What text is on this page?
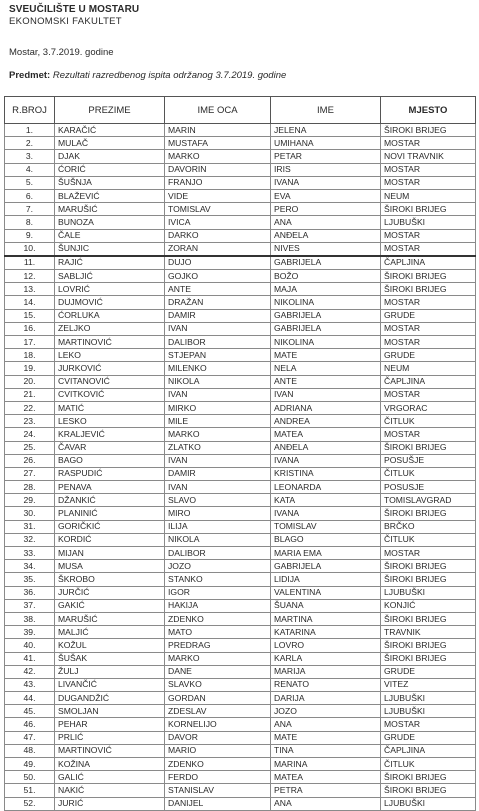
SVEUČILIŠTE U MOSTARU
EKONOMSKI FAKULTET
Mostar, 3.7.2019. godine
Predmet: Rezultati razredbenog ispita održanog 3.7.2019. godine
R.BROJ	PREZIME	IME OCA	IME	MJESTO
1.	KARAČIĆ	MARIN	JELENA	ŠIROKI BRIJEG
2.	MULAČ	MUSTAFA	UMIHANA	MOSTAR
3.	DJAK	MARKO	PETAR	NOVI TRAVNIK
4.	ĆORIĆ	DAVORIN	IRIS	MOSTAR
5.	ŠUŠNJA	FRANJO	IVANA	MOSTAR
6.	BLAŽEVIĆ	VIDE	EVA	NEUM
7.	MARUŠIĆ	TOMISLAV	PERO	ŠIROKI BRIJEG
8.	BUNOZA	IVICA	ANA	LJUBUŠKI
9.	ČALE	DARKO	ANĐELA	MOSTAR
10.	ŠUNJIC	ZORAN	NIVES	MOSTAR
11.	RAJIĆ	DUJO	GABRIJELA	ČAPLJINA
12.	SABLJIĆ	GOJKO	BOŽO	ŠIROKI BRIJEG
13.	LOVRIĆ	ANTE	MAJA	ŠIROKI BRIJEG
14.	DUJMOVIĆ	DRAŽAN	NIKOLINA	MOSTAR
15.	ĆORLUKA	DAMIR	GABRIJELA	GRUDE
16.	ZELJKO	IVAN	GABRIJELA	MOSTAR
17.	MARTINOVIĆ	DALIBOR	NIKOLINA	MOSTAR
18.	LEKO	STJEPAN	MATE	GRUDE
19.	JURKOVIĆ	MILENKO	NELA	NEUM
20.	CVITANOVIĆ	NIKOLA	ANTE	ČAPLJINA
21.	CVITKOVIĆ	IVAN	IVAN	MOSTAR
22.	MATIĆ	MIRKO	ADRIANA	VRGORAC
23.	LESKO	MILE	ANDREA	ČITLUK
24.	KRALJEVIĆ	MARKO	MATEA	MOSTAR
25.	ČAVAR	ZLATKO	ANĐELA	ŠIROKI BRIJEG
26.	BAGO	IVAN	IVANA	POSUŠJE
27.	RASPUDIĆ	DAMIR	KRISTINA	ČITLUK
28.	PENAVA	IVAN	LEONARDA	POSUSJE
29.	DŽANKIĆ	SLAVO	KATA	TOMISLAVGRAD
30.	PLANINIĆ	MIRO	IVANA	ŠIROKI BRIJEG
31.	GORIČKIĆ	ILIJA	TOMISLAV	BRČKO
32.	KORDIĆ	NIKOLA	BLAGO	ČITLUK
33.	MIJAN	DALIBOR	MARIA EMA	MOSTAR
34.	MUSA	JOZO	GABRIJELA	ŠIROKI BRIJEG
35.	ŠKROBO	STANKO	LIDIJA	ŠIROKI BRIJEG
36.	JURČIĆ	IGOR	VALENTINA	LJUBUŠKI
37.	GAKIĆ	HAKIJA	ŠUANA	KONJIĆ
38.	MARUŠIĆ	ZDENKO	MARTINA	ŠIROKI BRIJEG
39.	MALJIĆ	MATO	KATARINA	TRAVNIK
40.	KOŽUL	PREDRAG	LOVRO	ŠIROKI BRIJEG
41.	ŠUŠAK	MARKO	KARLA	ŠIROKI BRIJEG
42.	ŽULJ	DANE	MARIJA	GRUDE
43.	LIVANČIĆ	SLAVKO	RENATO	VITEZ
44.	DUGANDŽIĆ	GORDAN	DARIJA	LJUBUŠKI
45.	SMOLJAN	ZDESLAV	JOZO	LJUBUŠKI
46.	PEHAR	KORNELIJO	ANA	MOSTAR
47.	PRLIĆ	DAVOR	MATE	GRUDE
48.	MARTINOVIĆ	MARIO	TINA	ČAPLJINA
49.	KOŽINA	ZDENKO	MARINA	ČITLUK
50.	GALIĆ	FERDO	MATEA	ŠIROKI BRIJEG
51.	NAKIĆ	STANISLAV	PETRA	ŠIROKI BRIJEG
52.	JURIĆ	DANIJEL	ANA	LJUBUŠKI
